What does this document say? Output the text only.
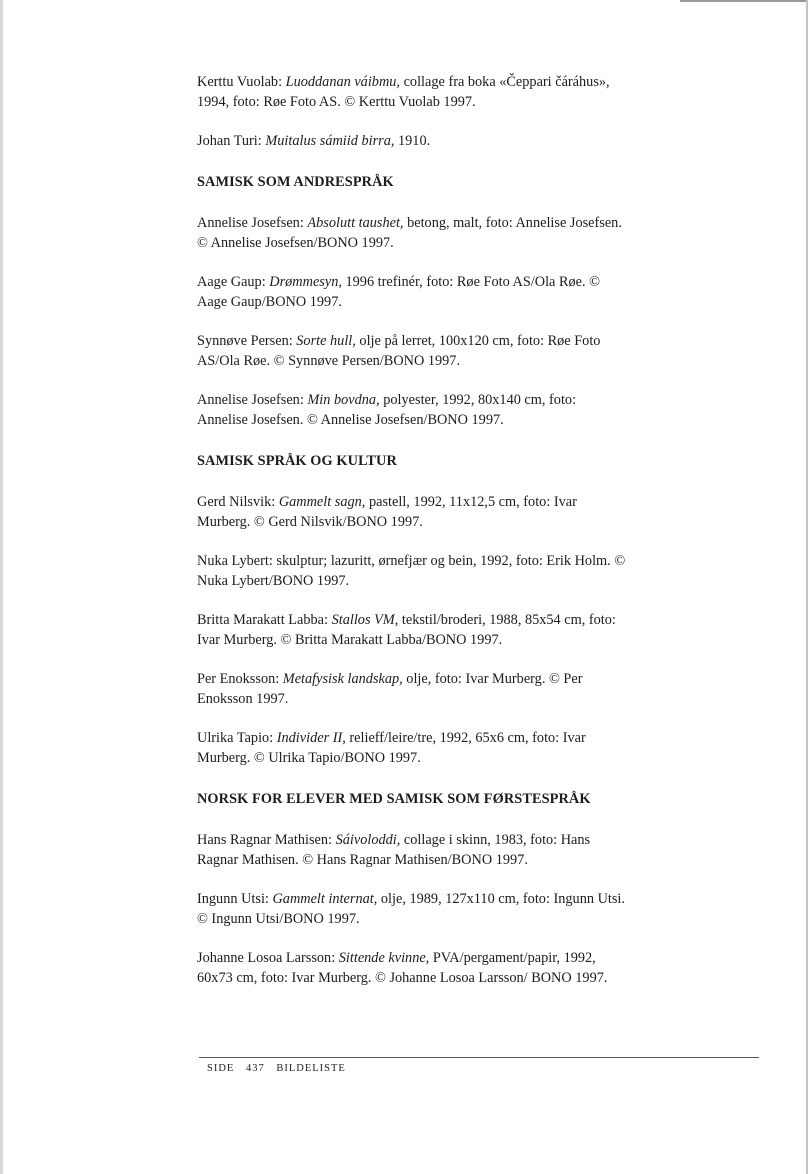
Kerttu Vuolab: Luoddanan váibmu, collage fra boka «Čeppari čáráhus», 1994, foto: Røe Foto AS. © Kerttu Vuolab 1997.

Johan Turi: Muitalus sámiid birra, 1910.

SAMISK SOM ANDRESPRÅK

Annelise Josefsen: Absolutt taushet, betong, malt, foto: Annelise Josefsen. © Annelise Josefsen/BONO 1997.

Aage Gaup: Drømmesyn, 1996 trefinér, foto: Røe Foto AS/Ola Røe. © Aage Gaup/BONO 1997.

Synnøve Persen: Sorte hull, olje på lerret, 100x120 cm, foto: Røe Foto AS/Ola Røe. © Synnøve Persen/BONO 1997.

Annelise Josefsen: Min bovdna, polyester, 1992, 80x140 cm, foto: Annelise Josefsen. © Annelise Josefsen/BONO 1997.

SAMISK SPRÅK OG KULTUR

Gerd Nilsvik: Gammelt sagn, pastell, 1992, 11x12,5 cm, foto: Ivar Murberg. © Gerd Nilsvik/BONO 1997.

Nuka Lybert: skulptur; lazuritt, ørnefjær og bein, 1992, foto: Erik Holm. © Nuka Lybert/BONO 1997.

Britta Marakatt Labba: Stallos VM, tekstil/broderi, 1988, 85x54 cm, foto: Ivar Murberg. © Britta Marakatt Labba/BONO 1997.

Per Enoksson: Metafysisk landskap, olje, foto: Ivar Murberg. © Per Enoksson 1997.

Ulrika Tapio: Individer II, relieff/leire/tre, 1992, 65x6 cm, foto: Ivar Murberg. © Ulrika Tapio/BONO 1997.

NORSK FOR ELEVER MED SAMISK SOM FØRSTESPRÅK

Hans Ragnar Mathisen: Sáivoloddi, collage i skinn, 1983, foto: Hans Ragnar Mathisen. © Hans Ragnar Mathisen/BONO 1997.

Ingunn Utsi: Gammelt internat, olje, 1989, 127x110 cm, foto: Ingunn Utsi. © Ingunn Utsi/BONO 1997.

Johanne Losoa Larsson: Sittende kvinne, PVA/pergament/papir, 1992, 60x73 cm, foto: Ivar Murberg. © Johanne Losoa Larsson/ BONO 1997.

SIDE 437 BILDELISTE
